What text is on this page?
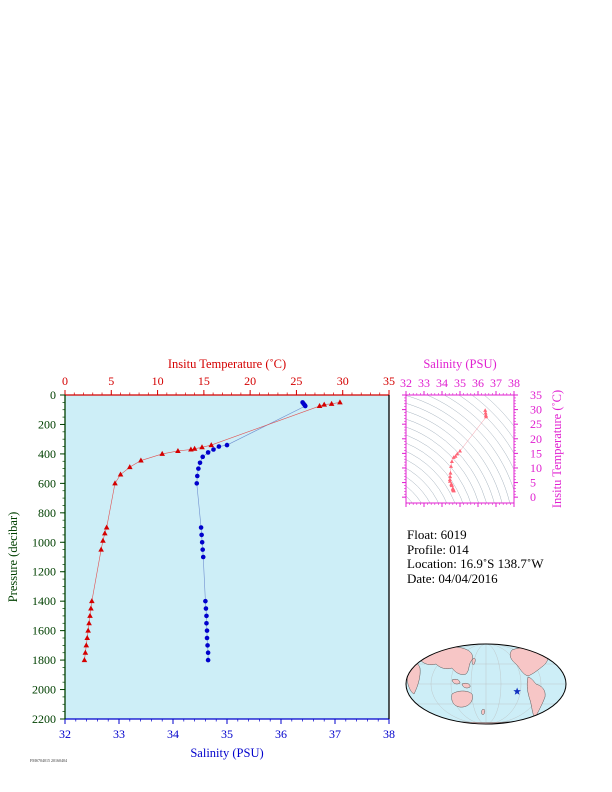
0	5	10	15	20	25	30	35
32	33	34	35	36	37	38
0
200
400
600
800
1000
1200
1400
1600
1800
2000
2200
Insitu Temperature (˚C)
Salinity (PSU)
Pressure (decibar)
32 33 34 35 36 37 38
0
5
10
15
20
25
30
35
Salinity (PSU)
Insitu Temperature (˚C)
Float: 6019
Profile: 014
Location: 16.9˚S 138.7˚W
Date: 04/04/2016
FMS704015 20160404
